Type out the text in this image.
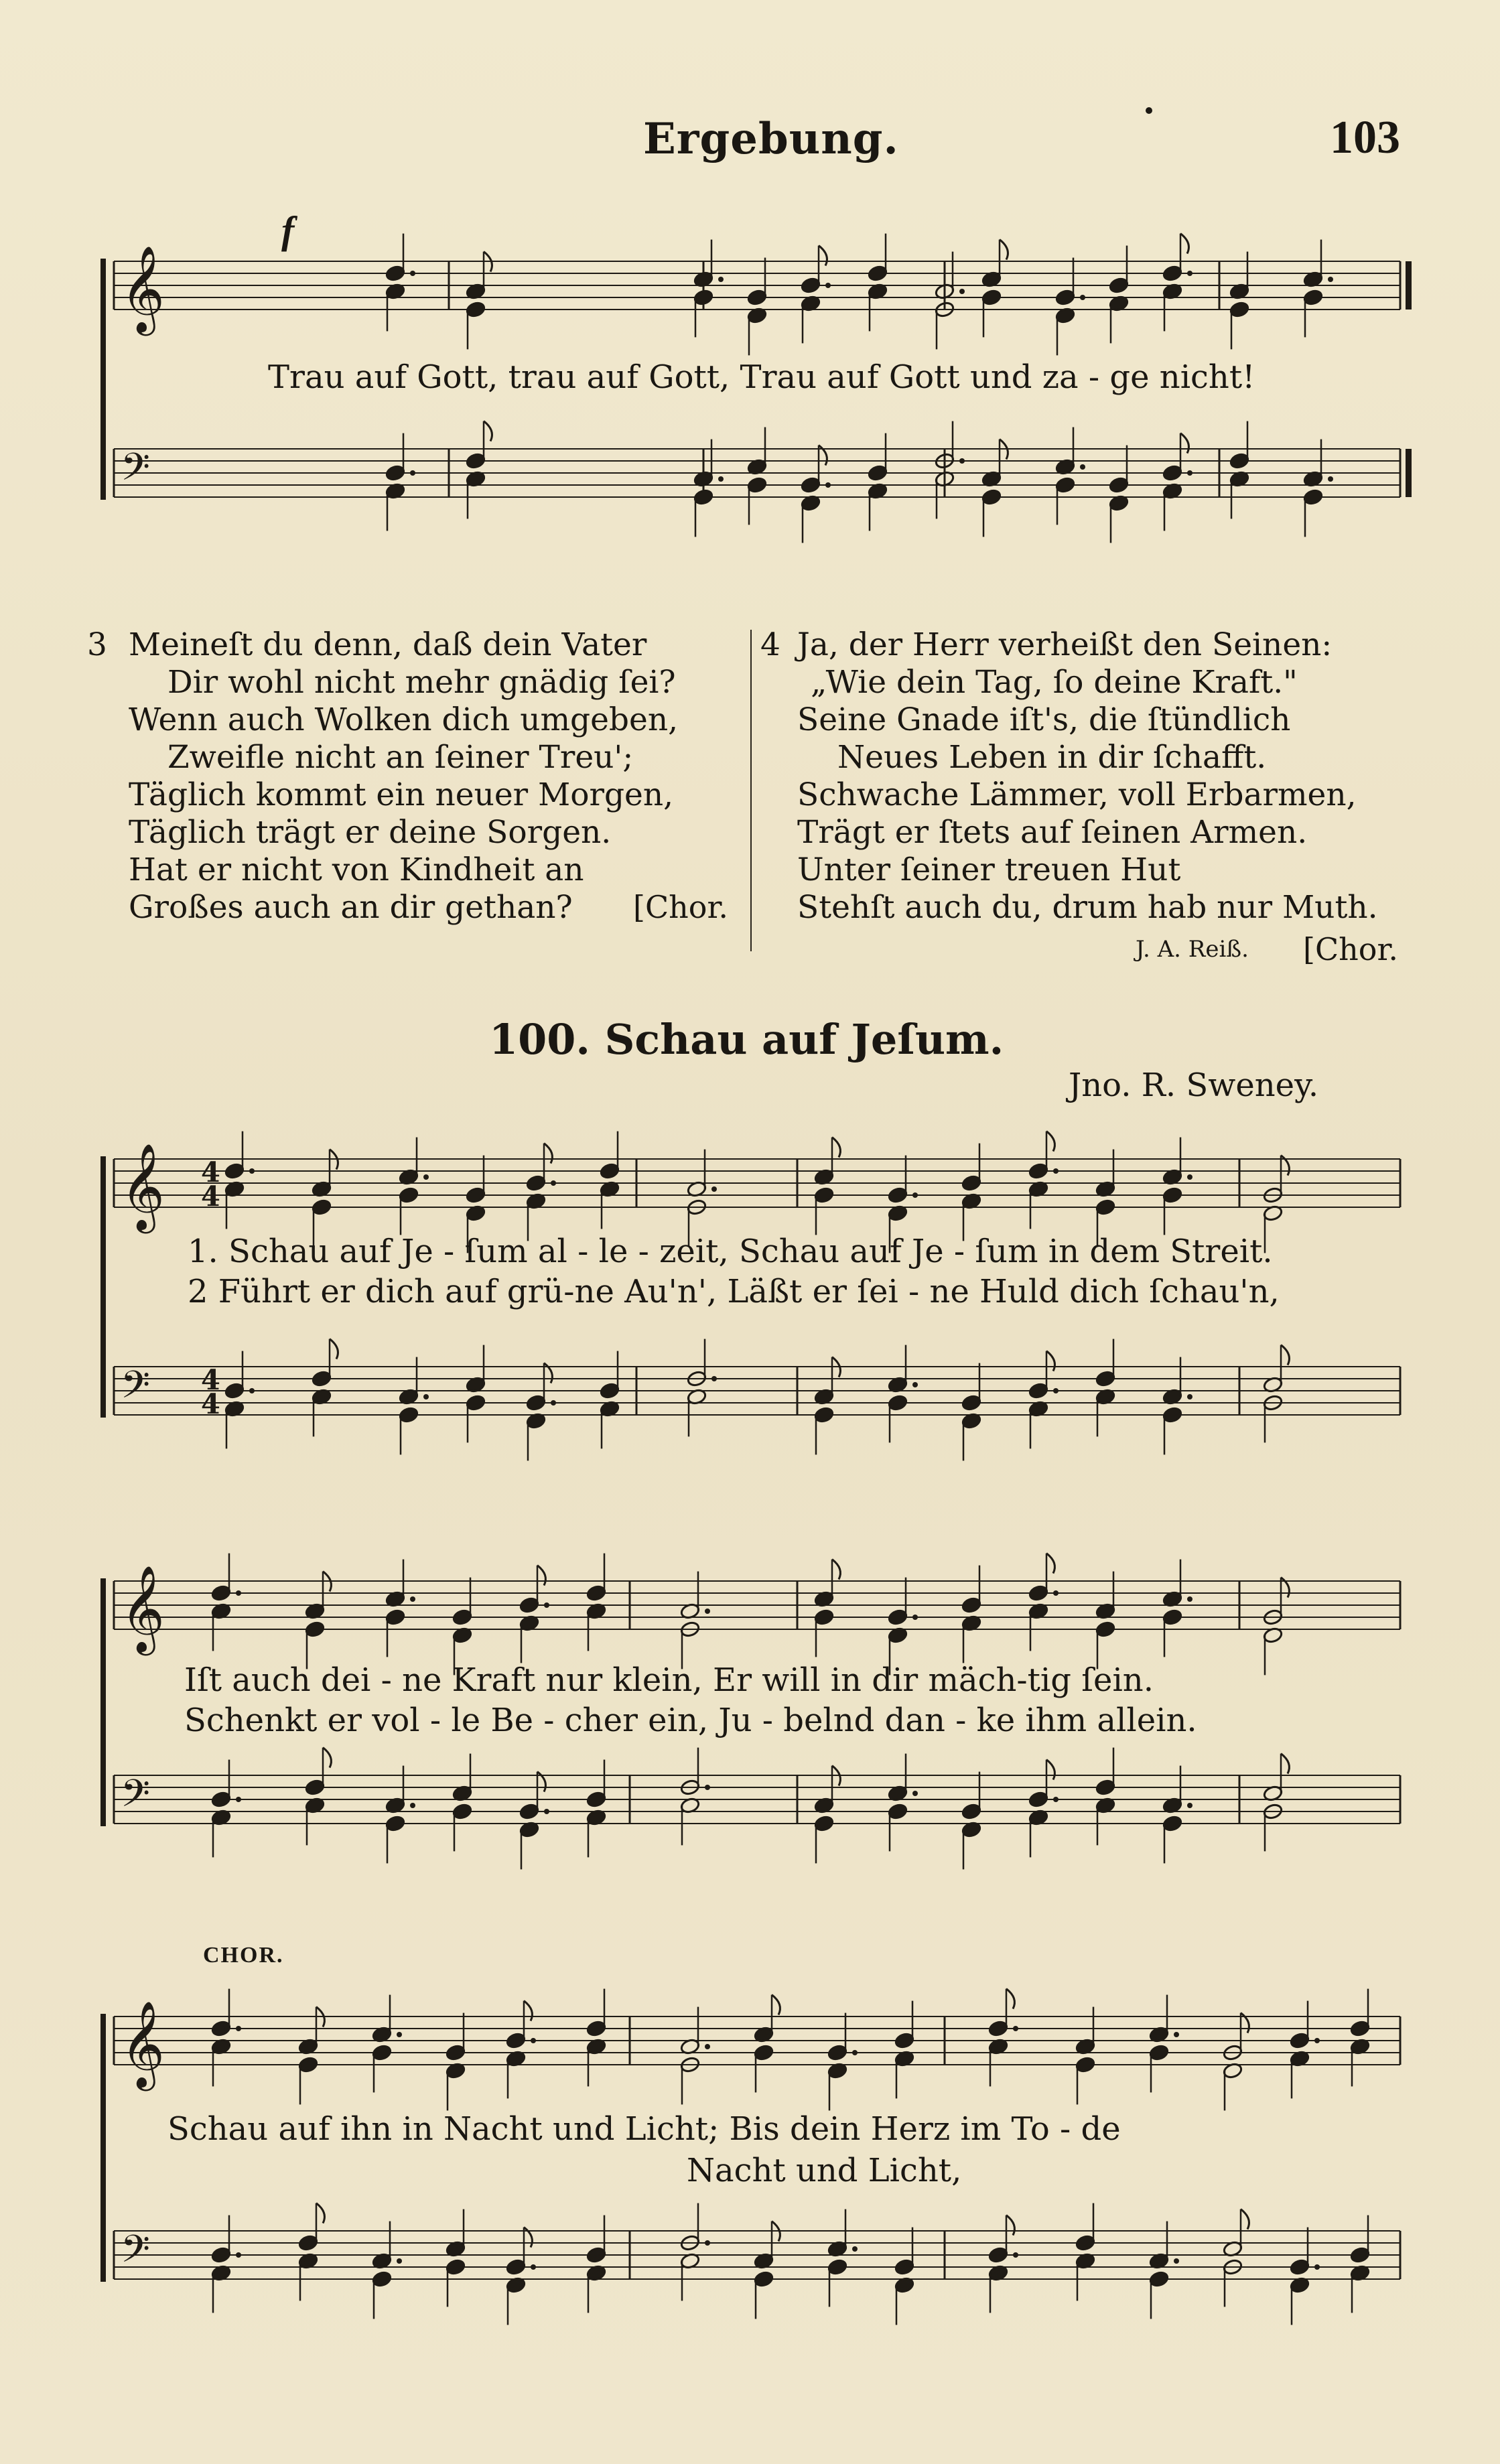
Ergebung.	103
𝄞
𝄢
f
Trau auf Gott, trau auf Gott, Trau auf Gott und za - ge nicht!
3 Meineſt du denn, daß dein Vater
Dir wohl nicht mehr gnädig ſei?
Wenn auch Wolken dich umgeben,
Zweifle nicht an ſeiner Treu';
Täglich kommt ein neuer Morgen,
Täglich trägt er deine Sorgen.
Hat er nicht von Kindheit an
Großes auch an dir gethan?	[Chor.
4 Ja, der Herr verheißt den Seinen:
„Wie dein Tag, ſo deine Kraft."
Seine Gnade iſt's, die ſtündlich
Neues Leben in dir ſchafft.
Schwache Lämmer, voll Erbarmen,
Trägt er ſtets auf ſeinen Armen.
Unter ſeiner treuen Hut
Stehſt auch du, drum hab nur Muth.
J. A. Reiß. [Chor.
100. Schau auf Jeſum.
Jno. R. Sweney.
𝄞 4
4
𝄢 4
4
1. Schau auf Je - ſum al - le - zeit, Schau auf Je - ſum in dem Streit.
2 Führt er dich auf grü-ne Au'n', Läßt er ſei - ne Huld dich ſchau'n,
𝄞
𝄢
Iſt auch dei - ne Kraft nur klein, Er will in dir mäch-tig ſein.
Schenkt er vol - le Be - cher ein, Ju - belnd dan - ke ihm allein.
CHOR.
𝄞
𝄢
Schau auf ihn in Nacht und Licht; Bis dein Herz im To - de
Nacht und Licht,
